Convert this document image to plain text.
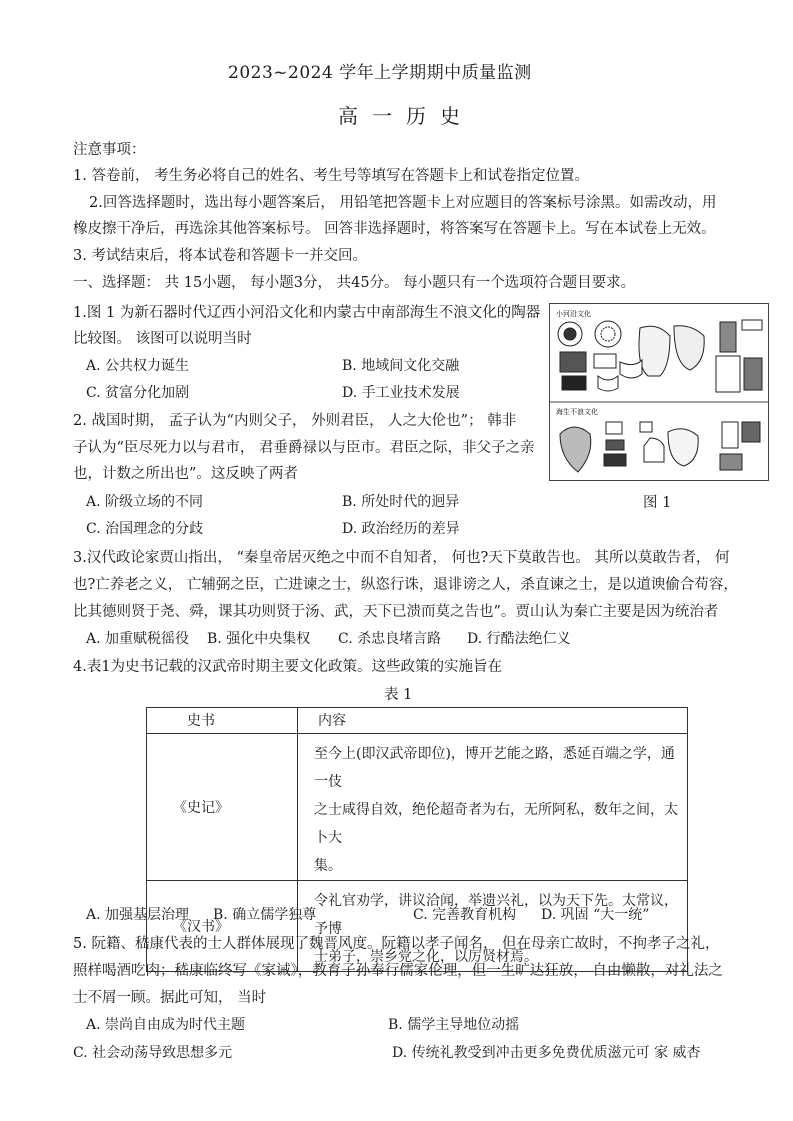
2023~2024 学年上学期期中质量监测
高一历史
注意事项：
1. 答卷前， 考生务必将自己的姓名、考生号等填写在答题卡上和试卷指定位置。
2.回答选择题时，选出每小题答案后， 用铅笔把答题卡上对应题目的答案标号涂黑。如需改动，用
橡皮擦干净后，再选涂其他答案标号。 回答非选择题时，将答案写在答题卡上。写在本试卷上无效。
3. 考试结束后，将本试卷和答题卡一并交回。
一、选择题： 共 15小题， 每小题3分， 共45分。 每小题只有一个选项符合题目要求。
1.图 1 为新石器时代辽西小河沿文化和内蒙古中南部海生不浪文化的陶器
比较图。 该图可以说明当时
A. 公共权力诞生	B. 地域间文化交融
C. 贫富分化加剧	D. 手工业技术发展
小河沿文化
海生不浪文化
图 1
2. 战国时期， 孟子认为“内则父子， 外则君臣， 人之大伦也”； 韩非
子认为“臣尽死力以与君市， 君垂爵禄以与臣市。君臣之际，非父子之亲
也，计数之所出也”。这反映了两者
A. 阶级立场的不同	B. 所处时代的迥异
C. 治国理念的分歧	D. 政治经历的差异
3.汉代政论家贾山指出， “秦皇帝居灭绝之中而不自知者， 何也?天下莫敢告也。 其所以莫敢告者， 何
也?亡养老之义， 亡辅弼之臣，亡进谏之士，纵恣行诛，退诽谤之人，杀直谏之士，是以道谀偷合苟容，
比其德则贤于尧、舜，课其功则贤于汤、武，天下已溃而莫之告也”。贾山认为秦亡主要是因为统治者
A. 加重赋税徭役 B. 强化中央集权 C. 杀忠良堵言路 D. 行酷法绝仁义
4.表1为史书记载的汉武帝时期主要文化政策。这些政策的实施旨在
表 1
史书	内容
《史记》	至今上(即汉武帝即位)，博开艺能之路，悉延百端之学，通一伎
之士咸得自效，绝伦超奇者为右，无所阿私，数年之间，太卜大
集。

《汉书》	令礼官劝学，讲议洽闻，举遗兴礼，以为天下先。太常议，予博
士弟子，崇乡党之化，以厉贤材焉。
A. 加强基层治理 B. 确立儒学独尊	C. 完善教育机构 D. 巩固 “大一统”
5. 阮籍、嵇康代表的士人群体展现了魏晋风度。阮籍以孝子闻名， 但在母亲亡故时，不拘孝子之礼，
照样喝酒吃肉；嵇康临终写《家诫》，教育子孙奉行儒家伦理，但一生旷达狂放， 自由懒散，对礼法之
士不屑一顾。据此可知， 当时
A. 崇尚自由成为时代主题	B. 儒学主导地位动摇
C. 社会动荡导致思想多元	D. 传统礼教受到冲击更多免费优质滋元可 家 威杏
